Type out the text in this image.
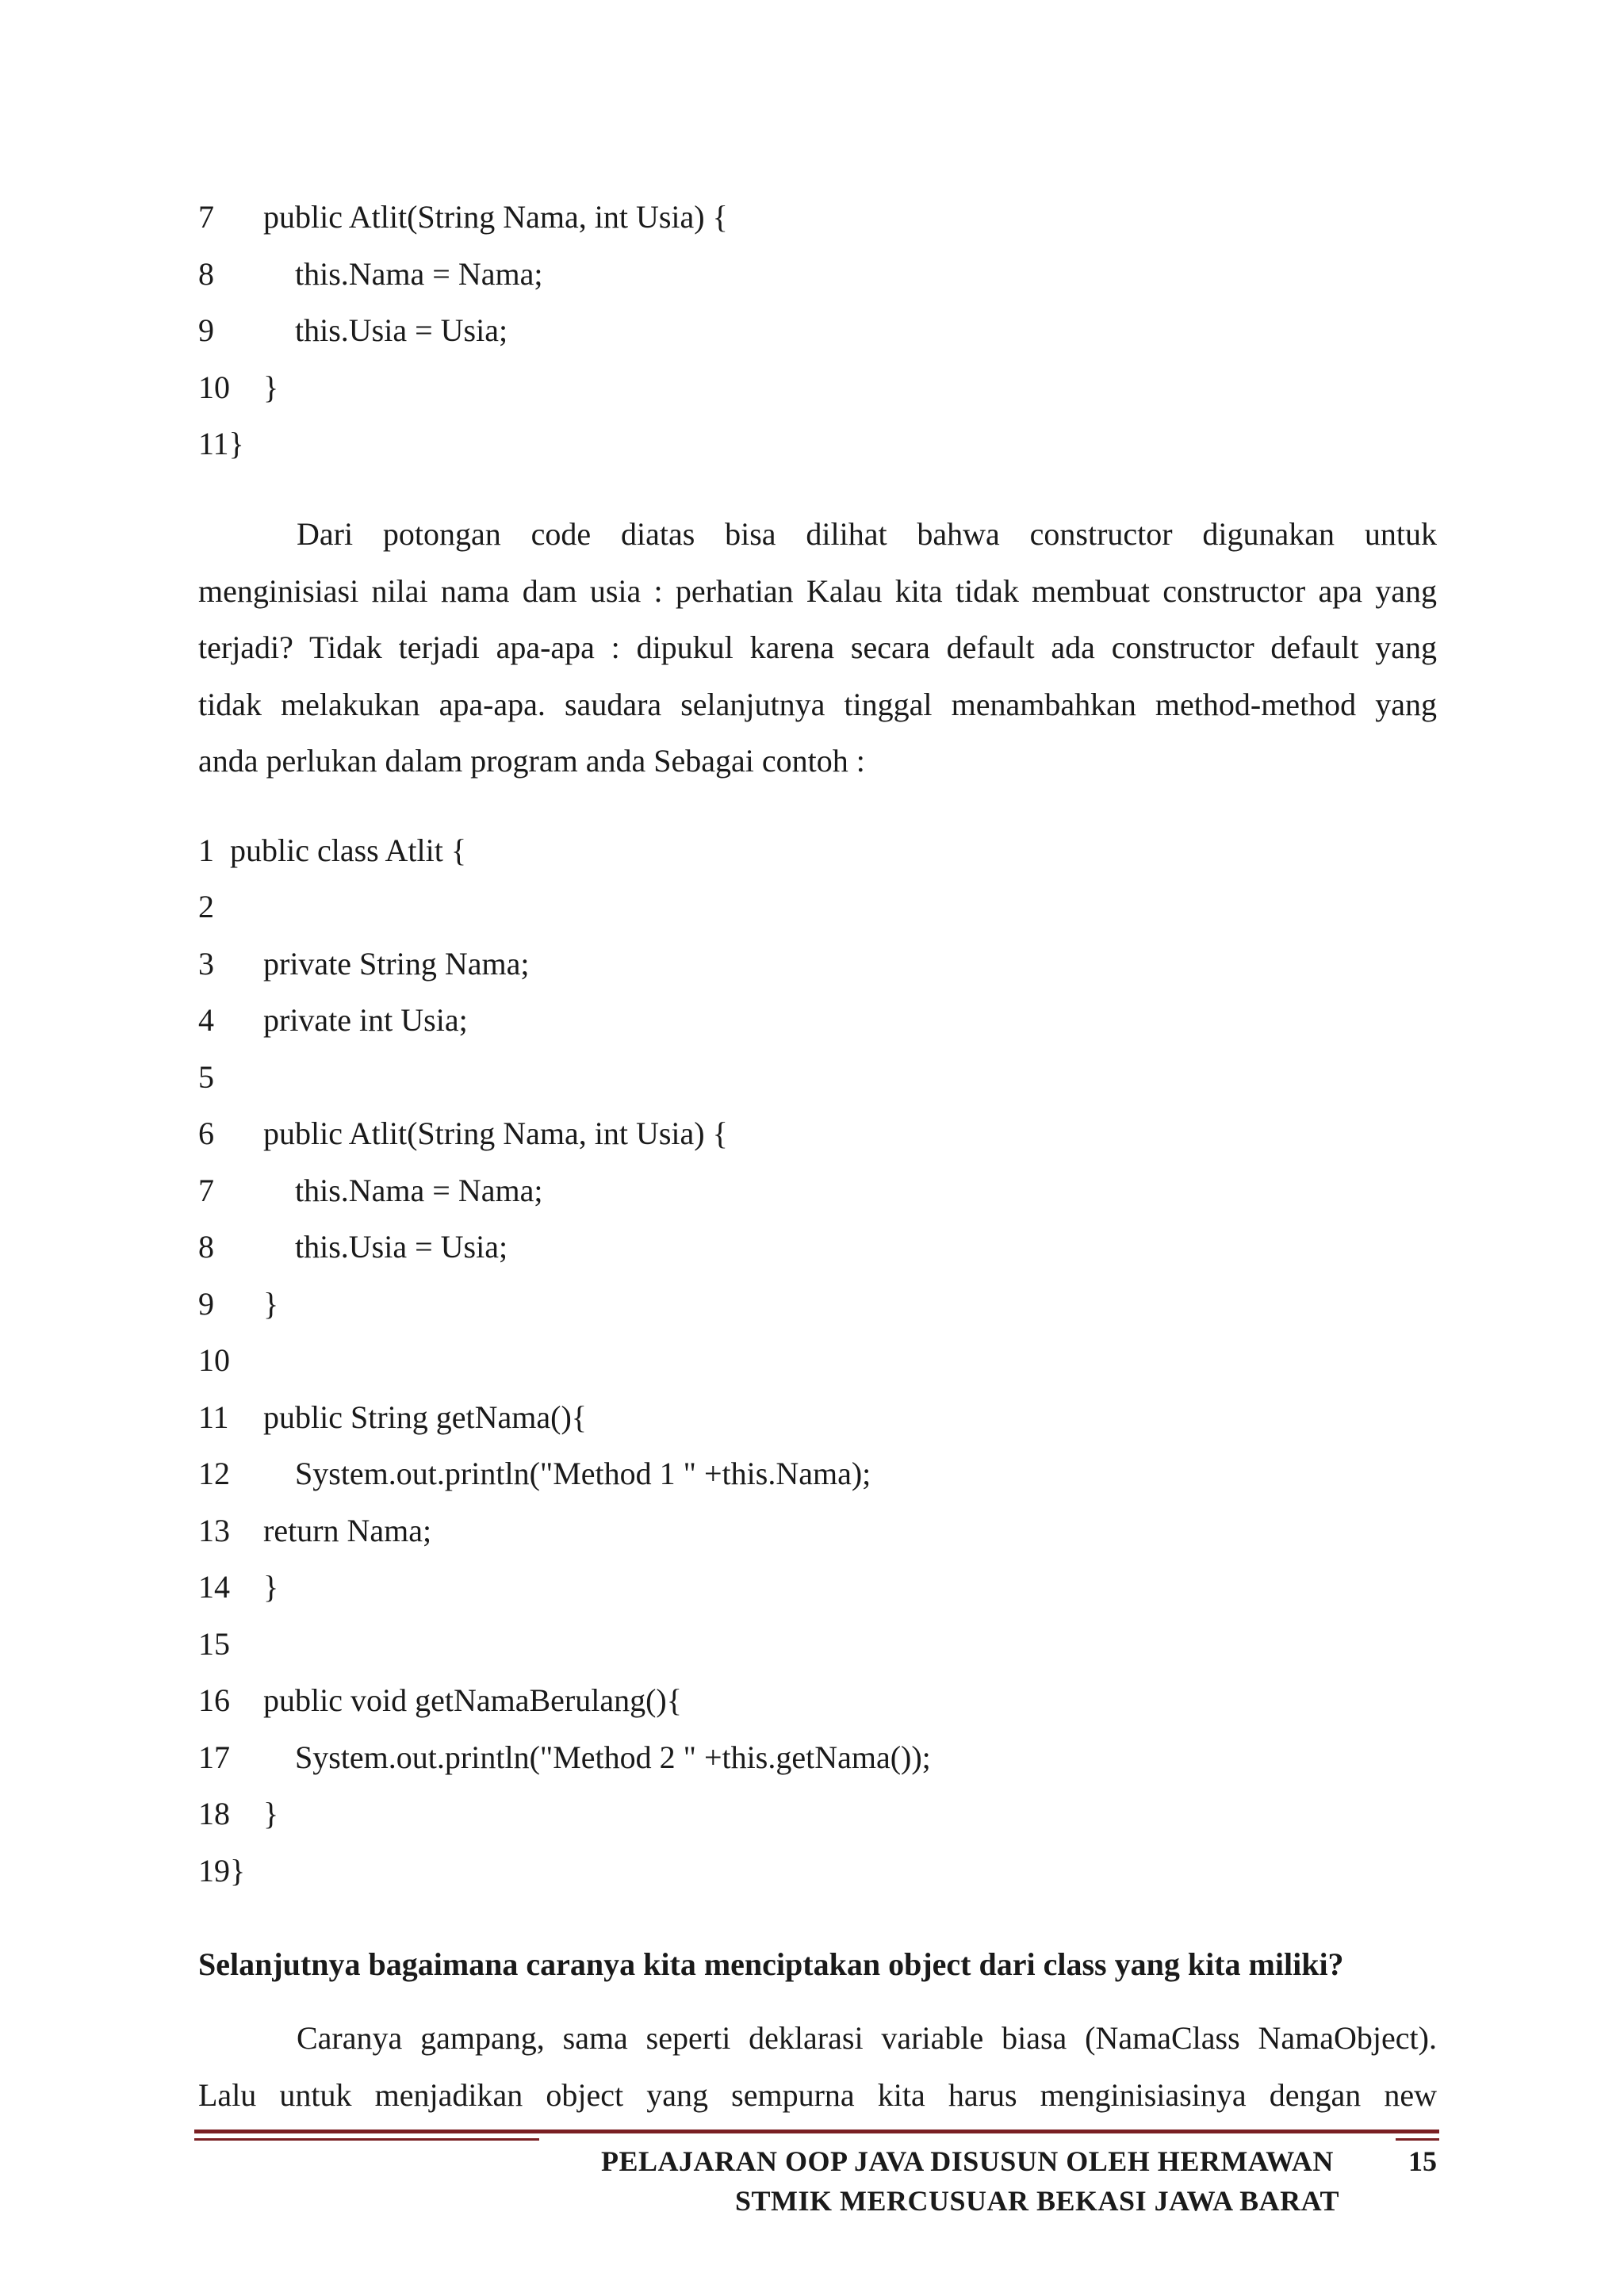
7 public Atlit(String Nama, int Usia) {
8    this.Nama = Nama;
9    this.Usia = Usia;
10 }
11}
Dari potongan code diatas bisa dilihat bahwa constructor digunakan untuk
menginisiasi nilai nama dam usia : perhatian Kalau kita tidak membuat constructor apa yang
terjadi? Tidak terjadi apa-apa : dipukul karena secara default ada constructor default yang
tidak melakukan apa-apa. saudara selanjutnya tinggal menambahkan method-method yang
anda perlukan dalam program anda Sebagai contoh :
1 public class Atlit {
2
3 private String Nama;
4 private int Usia;
5
6 public Atlit(String Nama, int Usia) {
7    this.Nama = Nama;
8    this.Usia = Usia;
9 }
10
11 public String getNama(){
12    System.out.println("Method 1 " +this.Nama);
13 return Nama;
14 }
15
16 public void getNamaBerulang(){
17    System.out.println("Method 2 " +this.getNama());
18 }
19}
Selanjutnya bagaimana caranya kita menciptakan object dari class yang kita miliki?
Caranya gampang, sama seperti deklarasi variable biasa (NamaClass NamaObject).
Lalu untuk menjadikan object yang sempurna kita harus menginisiasinya dengan new
PELAJARAN OOP JAVA DISUSUN OLEH HERMAWAN	15
STMIK MERCUSUAR BEKASI JAWA BARAT
